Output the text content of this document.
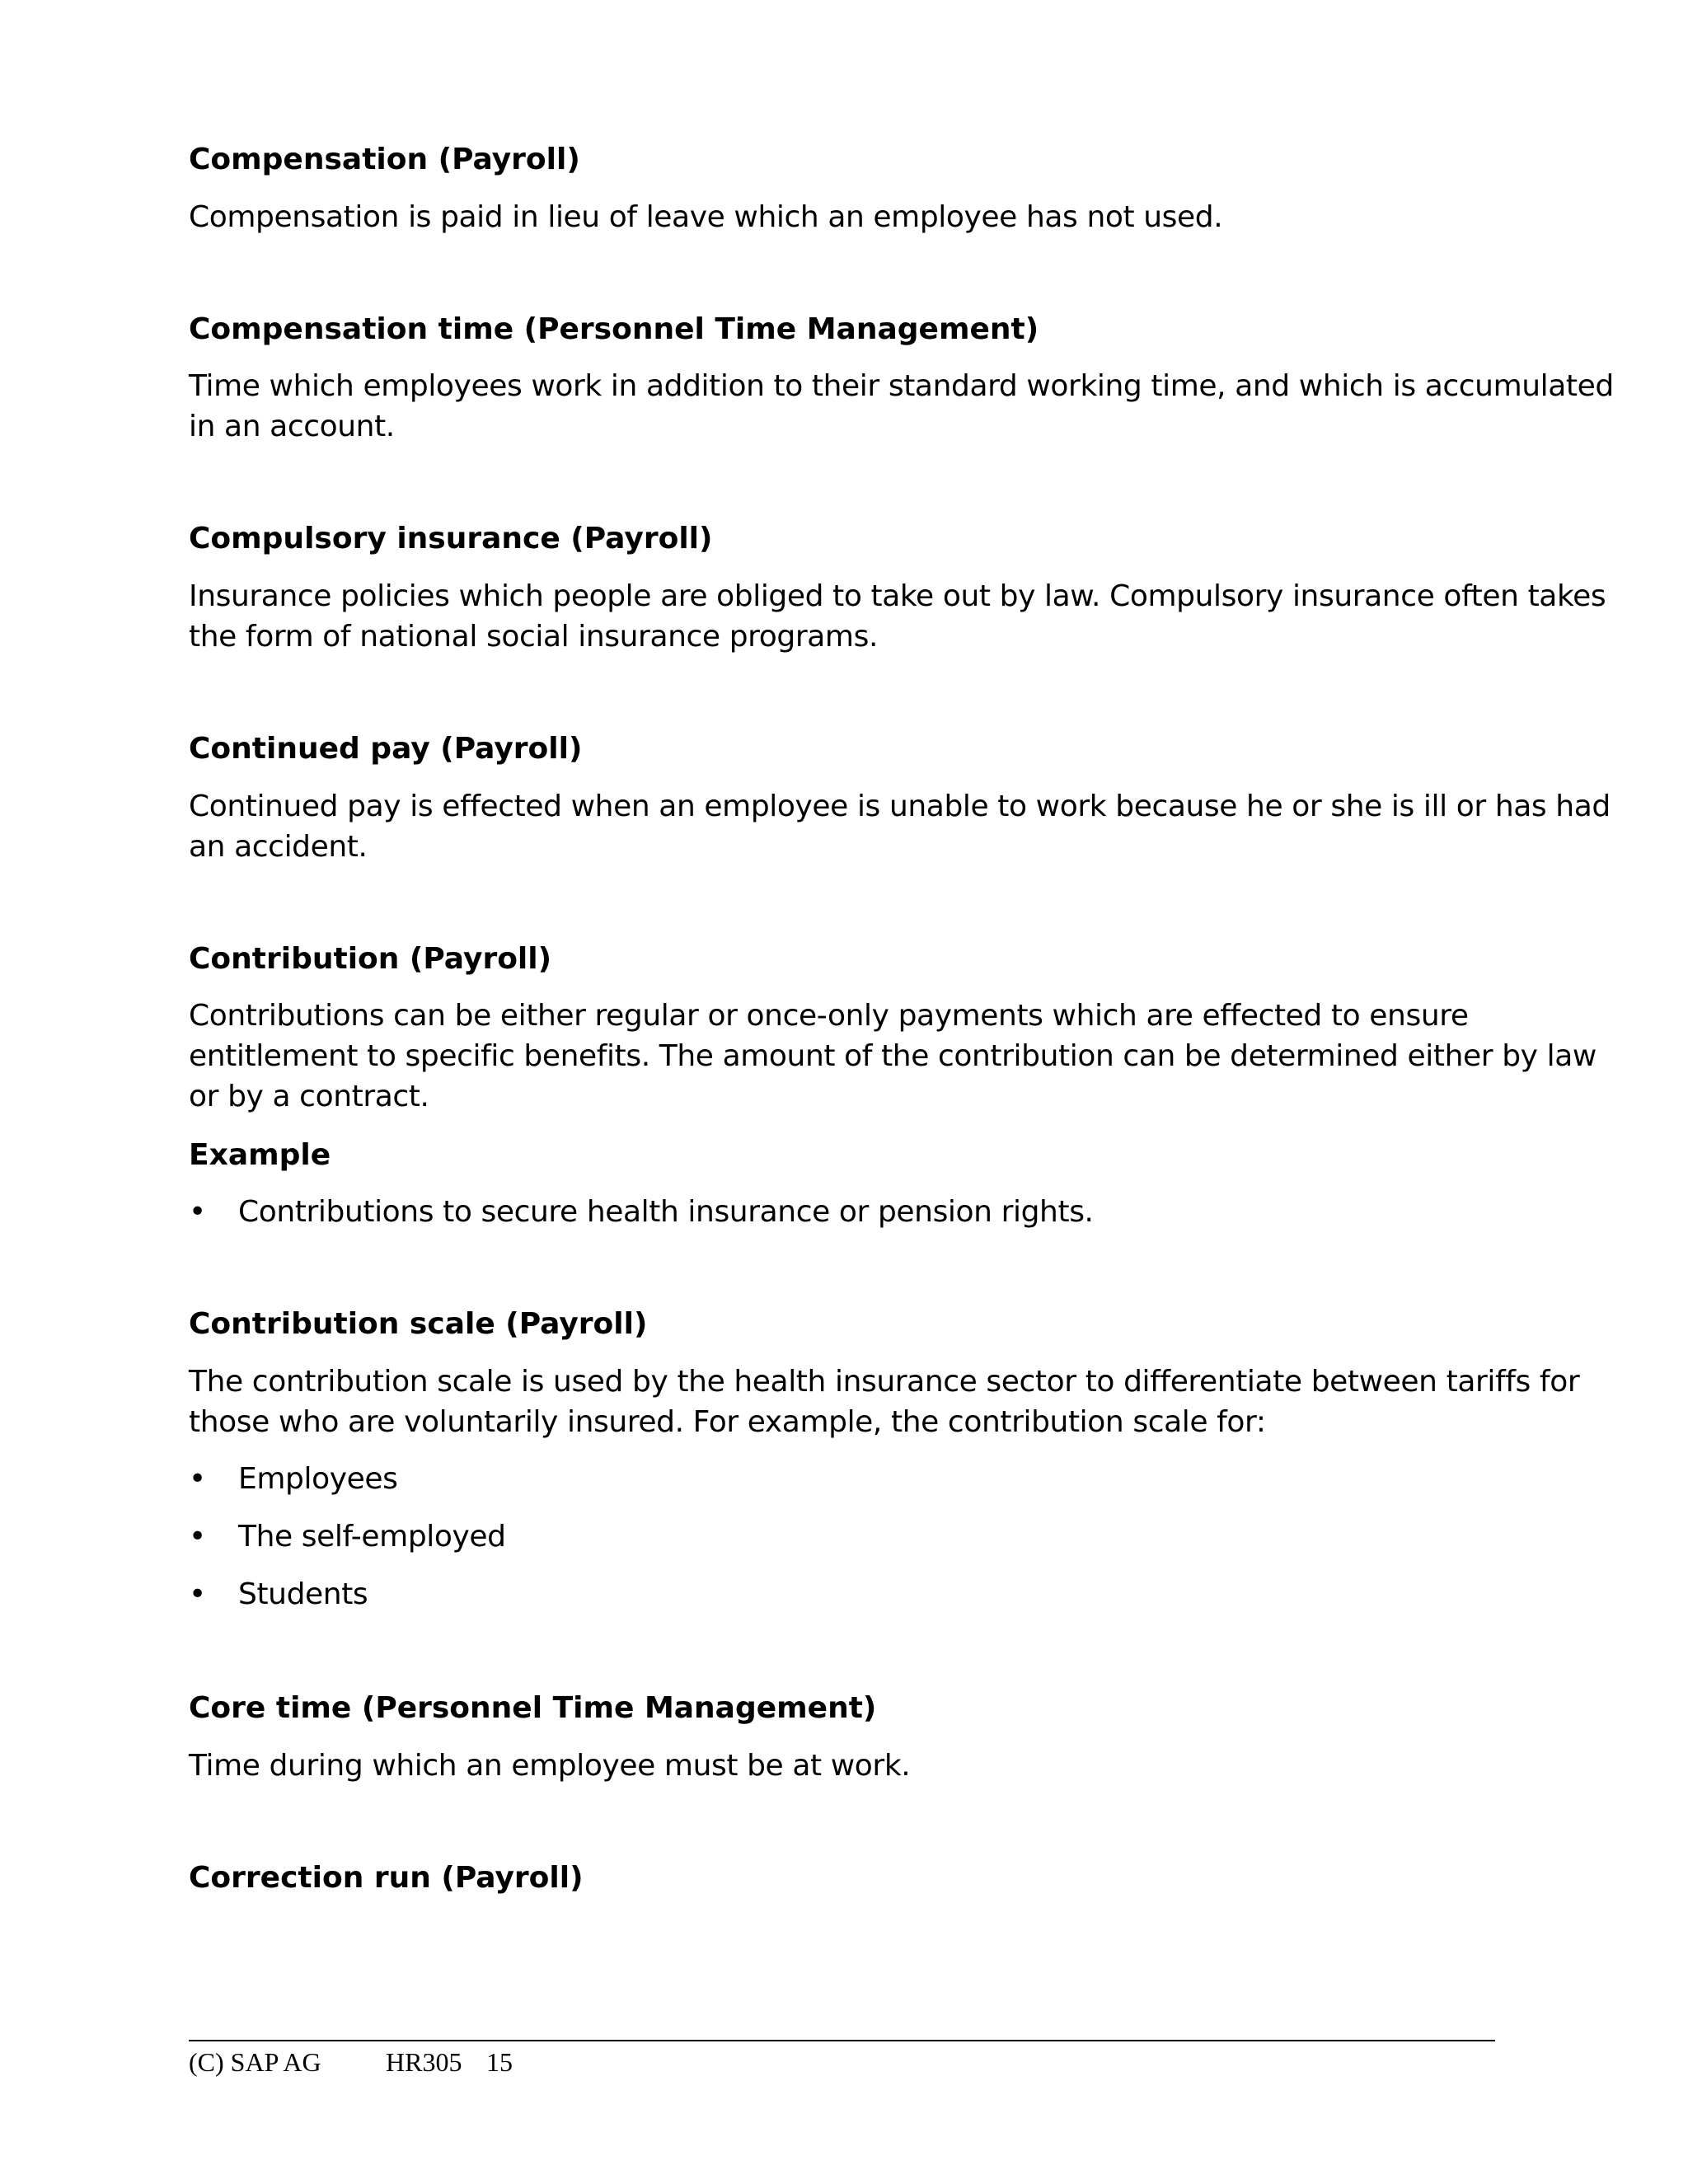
Compensation (Payroll)
Compensation is paid in lieu of leave which an employee has not used.
Compensation time (Personnel Time Management)
Time which employees work in addition to their standard working time, and which is accumulated
in an account.
Compulsory insurance (Payroll)
Insurance policies which people are obliged to take out by law. Compulsory insurance often takes
the form of national social insurance programs.
Continued pay (Payroll)
Continued pay is effected when an employee is unable to work because he or she is ill or has had
an accident.
Contribution (Payroll)
Contributions can be either regular or once-only payments which are effected to ensure
entitlement to specific benefits. The amount of the contribution can be determined either by law
or by a contract.
Example
• Contributions to secure health insurance or pension rights.
Contribution scale (Payroll)
The contribution scale is used by the health insurance sector to differentiate between tariffs for
those who are voluntarily insured. For example, the contribution scale for:
• Employees
• The self-employed
• Students
Core time (Personnel Time Management)
Time during which an employee must be at work.
Correction run (Payroll)
(C) SAP AG HR305 15
